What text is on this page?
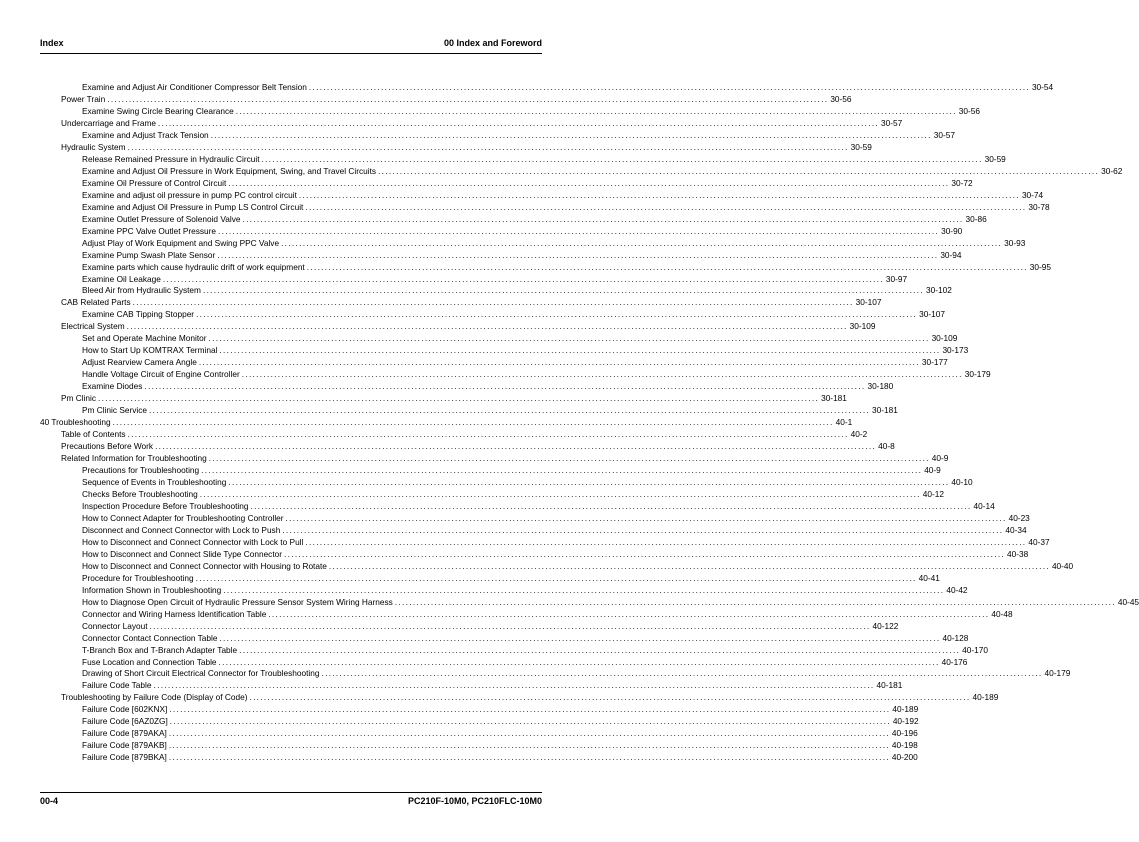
Index	00 Index and Foreword
Examine and Adjust Air Conditioner Compressor Belt Tension ........................................................................................................................................................................................................ 30-54
Power Train ........................................................................................................................................................................................................ 30-56
Examine Swing Circle Bearing Clearance ........................................................................................................................................................................................................ 30-56
Undercarriage and Frame ........................................................................................................................................................................................................ 30-57
Examine and Adjust Track Tension ........................................................................................................................................................................................................ 30-57
Hydraulic System ........................................................................................................................................................................................................ 30-59
Release Remained Pressure in Hydraulic Circuit ........................................................................................................................................................................................................ 30-59
Examine and Adjust Oil Pressure in Work Equipment, Swing, and Travel Circuits ........................................................................................................................................................................................................ 30-62
Examine Oil Pressure of Control Circuit ........................................................................................................................................................................................................ 30-72
Examine and adjust oil pressure in pump PC control circuit ........................................................................................................................................................................................................ 30-74
Examine and Adjust Oil Pressure in Pump LS Control Circuit ........................................................................................................................................................................................................ 30-78
Examine Outlet Pressure of Solenoid Valve ........................................................................................................................................................................................................ 30-86
Examine PPC Valve Outlet Pressure ........................................................................................................................................................................................................ 30-90
Adjust Play of Work Equipment and Swing PPC Valve ........................................................................................................................................................................................................ 30-93
Examine Pump Swash Plate Sensor ........................................................................................................................................................................................................ 30-94
Examine parts which cause hydraulic drift of work equipment ........................................................................................................................................................................................................ 30-95
Examine Oil Leakage ........................................................................................................................................................................................................ 30-97
Bleed Air from Hydraulic System ........................................................................................................................................................................................................ 30-102
CAB Related Parts ........................................................................................................................................................................................................ 30-107
Examine CAB Tipping Stopper ........................................................................................................................................................................................................ 30-107
Electrical System ........................................................................................................................................................................................................ 30-109
Set and Operate Machine Monitor ........................................................................................................................................................................................................ 30-109
How to Start Up KOMTRAX Terminal ........................................................................................................................................................................................................ 30-173
Adjust Rearview Camera Angle ........................................................................................................................................................................................................ 30-177
Handle Voltage Circuit of Engine Controller ........................................................................................................................................................................................................ 30-179
Examine Diodes ........................................................................................................................................................................................................ 30-180
Pm Clinic ........................................................................................................................................................................................................ 30-181
Pm Clinic Service ........................................................................................................................................................................................................ 30-181
40 Troubleshooting ........................................................................................................................................................................................................ 40-1
Table of Contents ........................................................................................................................................................................................................ 40-2
Precautions Before Work ........................................................................................................................................................................................................ 40-8
Related Information for Troubleshooting ........................................................................................................................................................................................................ 40-9
Precautions for Troubleshooting ........................................................................................................................................................................................................ 40-9
Sequence of Events in Troubleshooting ........................................................................................................................................................................................................ 40-10
Checks Before Troubleshooting ........................................................................................................................................................................................................ 40-12
Inspection Procedure Before Troubleshooting ........................................................................................................................................................................................................ 40-14
How to Connect Adapter for Troubleshooting Controller ........................................................................................................................................................................................................ 40-23
Disconnect and Connect Connector with Lock to Push ........................................................................................................................................................................................................ 40-34
How to Disconnect and Connect Connector with Lock to Pull ........................................................................................................................................................................................................ 40-37
How to Disconnect and Connect Slide Type Connector ........................................................................................................................................................................................................ 40-38
How to Disconnect and Connect Connector with Housing to Rotate ........................................................................................................................................................................................................ 40-40
Procedure for Troubleshooting ........................................................................................................................................................................................................ 40-41
Information Shown in Troubleshooting ........................................................................................................................................................................................................ 40-42
How to Diagnose Open Circuit of Hydraulic Pressure Sensor System Wiring Harness ........................................................................................................................................................................................................ 40-45
Connector and Wiring Harness Identification Table ........................................................................................................................................................................................................ 40-48
Connector Layout ........................................................................................................................................................................................................ 40-122
Connector Contact Connection Table ........................................................................................................................................................................................................ 40-128
T-Branch Box and T-Branch Adapter Table ........................................................................................................................................................................................................ 40-170
Fuse Location and Connection Table ........................................................................................................................................................................................................ 40-176
Drawing of Short Circuit Electrical Connector for Troubleshooting ........................................................................................................................................................................................................ 40-179
Failure Code Table ........................................................................................................................................................................................................ 40-181
Troubleshooting by Failure Code (Display of Code) ........................................................................................................................................................................................................ 40-189
Failure Code [602KNX] ........................................................................................................................................................................................................ 40-189
Failure Code [6AZ0ZG] ........................................................................................................................................................................................................ 40-192
Failure Code [879AKA] ........................................................................................................................................................................................................ 40-196
Failure Code [879AKB] ........................................................................................................................................................................................................ 40-198
Failure Code [879BKA] ........................................................................................................................................................................................................ 40-200
00-4	PC210F-10M0, PC210FLC-10M0
